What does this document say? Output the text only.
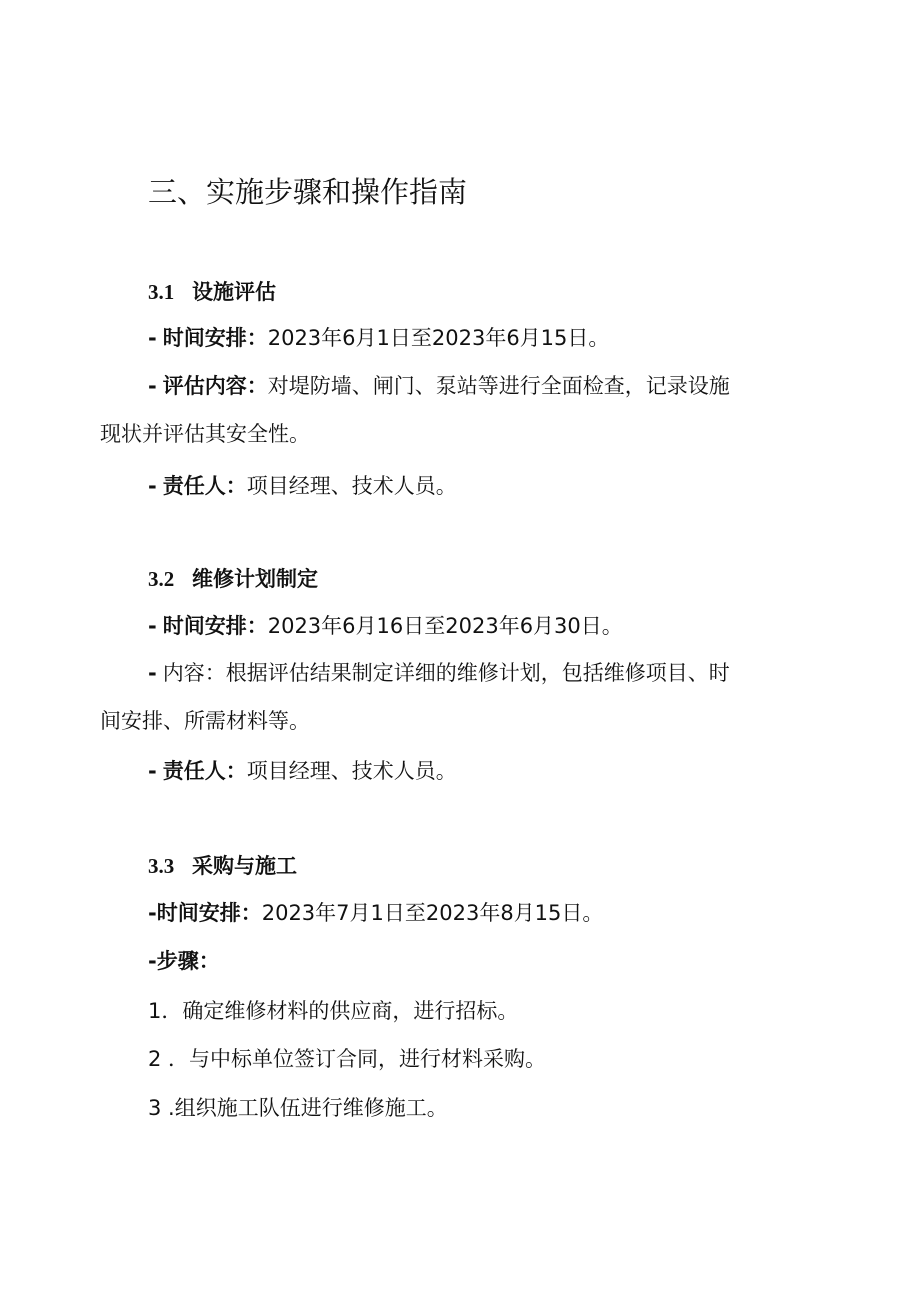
三、实施步骤和操作指南
3.1 设施评估
- 时间安排：2023年6月1日至2023年6月15日。
- 评估内容：对堤防墙、闸门、泵站等进行全面检查，记录设施
现状并评估其安全性。
- 责任人：项目经理、技术人员。
3.2 维修计划制定
- 时间安排：2023年6月16日至2023年6月30日。
- 内容：根据评估结果制定详细的维修计划，包括维修项目、时
间安排、所需材料等。
- 责任人：项目经理、技术人员。
3.3 采购与施工
-时间安排：2023年7月1日至2023年8月15日。
-步骤：
1．确定维修材料的供应商，进行招标。
2 ．与中标单位签订合同，进行材料采购。
3 .组织施工队伍进行维修施工。
